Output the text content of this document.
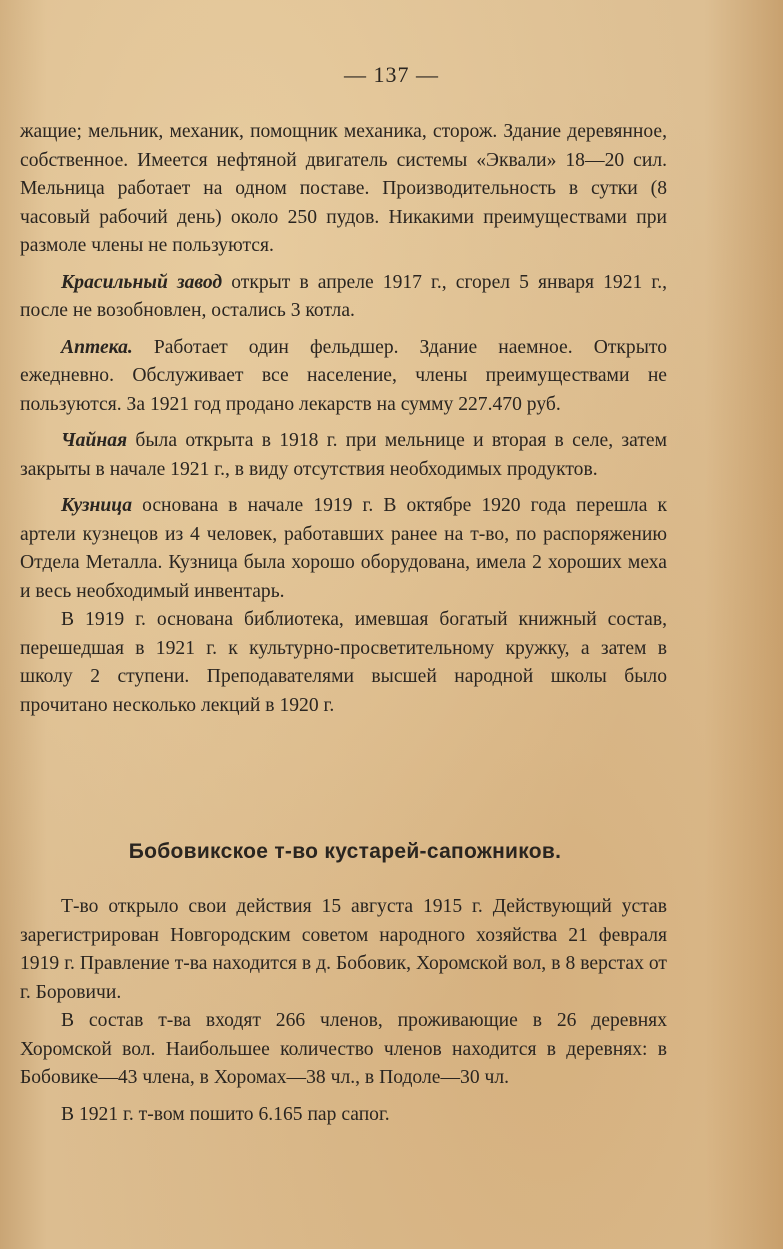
— 137 —

жащие; мельник, механик, помощник механика, сторож. Здание деревянное, собственное. Имеется нефтяной двигатель системы «Эквали» 18—20 сил. Мельница работает на одном поставе. Производительность в сутки (8 часовый рабочий день) около 250 пудов. Никакими преимуществами при размоле члены не пользуются.

Красильный завод открыт в апреле 1917 г., сгорел 5 января 1921 г., после не возобновлен, остались 3 котла.

Аптека. Работает один фельдшер. Здание наемное. Открыто ежедневно. Обслуживает все население, члены преимуществами не пользуются. За 1921 год продано лекарств на сумму 227.470 руб.

Чайная была открыта в 1918 г. при мельнице и вторая в селе, затем закрыты в начале 1921 г., в виду отсутствия необходимых продуктов.

Кузница основана в начале 1919 г. В октябре 1920 года перешла к артели кузнецов из 4 человек, работавших ранее на т-во, по распоряжению Отдела Металла. Кузница была хорошо оборудована, имела 2 хороших меха и весь необходимый инвентарь.

В 1919 г. основана библиотека, имевшая богатый книжный состав, перешедшая в 1921 г. к культурно-просветительному кружку, а затем в школу 2 ступени. Преподавателями высшей народной школы было прочитано несколько лекций в 1920 г.

Бобовикское т-во кустарей-сапожников.

Т-во открыло свои действия 15 августа 1915 г. Действующий устав зарегистрирован Новгородским советом народного хозяйства 21 февраля 1919 г. Правление т-ва находится в д. Бобовик, Хоромской вол, в 8 верстах от г. Боровичи.

В состав т-ва входят 266 членов, проживающие в 26 деревнях Хоромской вол. Наибольшее количество членов находится в деревнях: в Бобовике—43 члена, в Хоромах—38 чл., в Подоле—30 чл.

В 1921 г. т-вом пошито 6.165 пар сапог.
